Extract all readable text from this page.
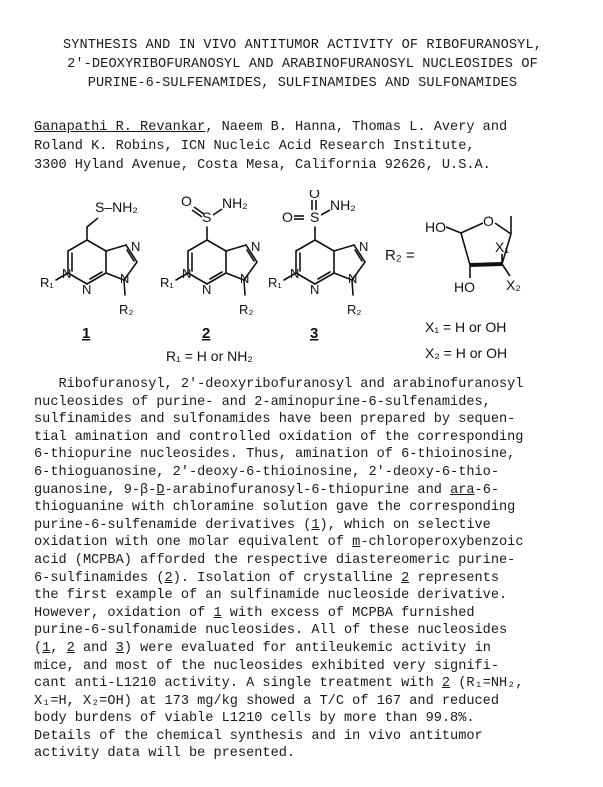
SYNTHESIS AND IN VIVO ANTITUMOR ACTIVITY OF RIBOFURANOSYL,
2'-DEOXYRIBOFURANOSYL AND ARABINOFURANOSYL NUCLEOSIDES OF
PURINE-6-SULFENAMIDES, SULFINAMIDES AND SULFONAMIDES
Ganapathi R. Revankar, Naeem B. Hanna, Thomas L. Avery and
Roland K. Robins, ICN Nucleic Acid Research Institute,
3300 Hyland Avenue, Costa Mesa, California 92626, U.S.A.
S–NH₂
N
N
N
N
R₁
R₂
1
S
O NH₂
N
N
N
N
R₁
R₂
2
R₁ = H or NH₂
S
O
O
NH₂
N
N
N
N
R₁
R₂
3
R₂ =
HO	O
X₁
HO X₂
X₁ = H or OH
X₂ = H or OH
Ribofuranosyl, 2'-deoxyribofuranosyl and arabinofuranosyl
nucleosides of purine- and 2-aminopurine-6-sulfenamides,
sulfinamides and sulfonamides have been prepared by sequen-
tial amination and controlled oxidation of the corresponding
6-thiopurine nucleosides. Thus, amination of 6-thioinosine,
6-thioguanosine, 2'-deoxy-6-thioinosine, 2'-deoxy-6-thio-
guanosine, 9-β-D-arabinofuranosyl-6-thiopurine and ara-6-
thioguanine with chloramine solution gave the corresponding
purine-6-sulfenamide derivatives (1), which on selective
oxidation with one molar equivalent of m-chloroperoxybenzoic
acid (MCPBA) afforded the respective diastereomeric purine-
6-sulfinamides (2). Isolation of crystalline 2 represents
the first example of an sulfinamide nucleoside derivative.
However, oxidation of 1 with excess of MCPBA furnished
purine-6-sulfonamide nucleosides. All of these nucleosides
(1, 2 and 3) were evaluated for antileukemic activity in
mice, and most of the nucleosides exhibited very signifi-
cant anti-L1210 activity. A single treatment with 2 (R₁=NH₂,
X₁=H, X₂=OH) at 173 mg/kg showed a T/C of 167 and reduced
body burdens of viable L1210 cells by more than 99.8%.
Details of the chemical synthesis and in vivo antitumor
activity data will be presented.
